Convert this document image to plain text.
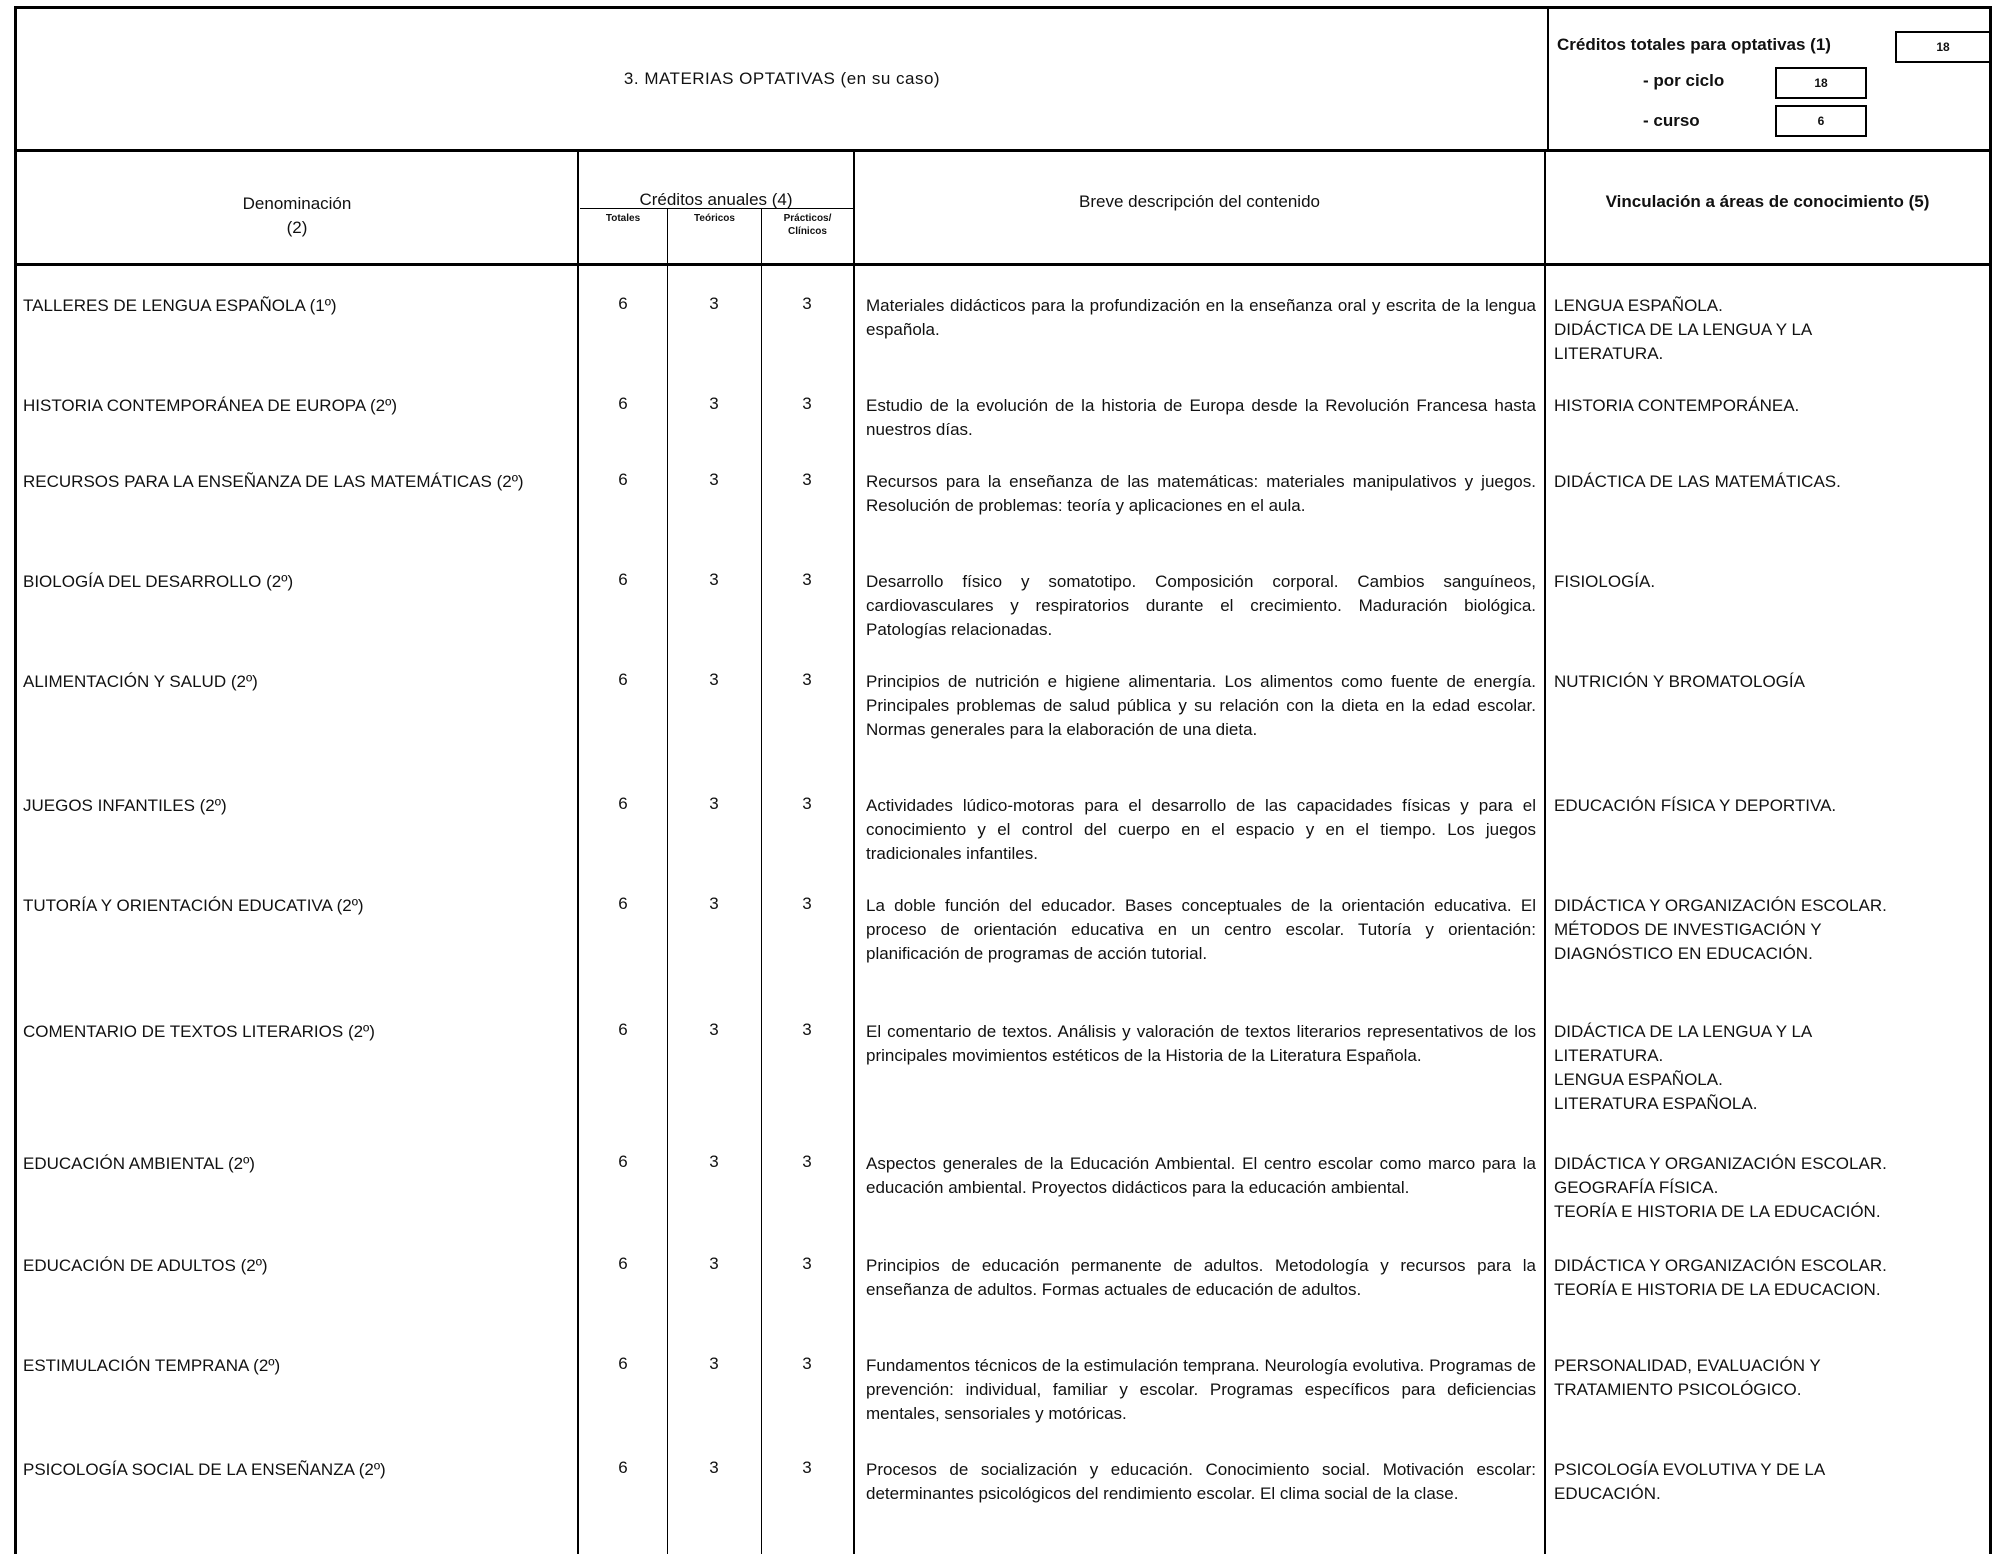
3. MATERIAS OPTATIVAS (en su caso)
Créditos totales para optativas (1)	18
- por ciclo	18
- curso	6
Denominación
(2)
Créditos anuales (4)
Totales	Teóricos	Prácticos/
Clínicos
Breve descripción del contenido	Vinculación a áreas de conocimiento (5)
TALLERES DE LENGUA ESPAÑOLA (1º)	6	3	3	Materiales didácticos para la profundización en la enseñanza oral y escrita de la lengua española.
LENGUA ESPAÑOLA.
DIDÁCTICA DE LA LENGUA Y LA
LITERATURA.
HISTORIA CONTEMPORÁNEA DE EUROPA (2º)	6	3	3	Estudio de la evolución de la historia de Europa desde la Revolución Francesa hasta nuestros días.
HISTORIA CONTEMPORÁNEA.
RECURSOS PARA LA ENSEÑANZA DE LAS MATEMÁTICAS (2º)	6	3	3	Recursos para la enseñanza de las matemáticas: materiales manipulativos y juegos. Resolución de problemas: teoría y aplicaciones en el aula.
DIDÁCTICA DE LAS MATEMÁTICAS.
BIOLOGÍA DEL DESARROLLO (2º)	6	3	3	Desarrollo físico y somatotipo. Composición corporal. Cambios sanguíneos, cardiovasculares y respiratorios durante el crecimiento. Maduración biológica. Patologías relacionadas.
FISIOLOGÍA.
ALIMENTACIÓN Y SALUD (2º)	6	3	3	Principios de nutrición e higiene alimentaria. Los alimentos como fuente de energía. Principales problemas de salud pública y su relación con la dieta en la edad escolar. Normas generales para la elaboración de una dieta.
NUTRICIÓN Y BROMATOLOGÍA
JUEGOS INFANTILES (2º)	6	3	3	Actividades lúdico-motoras para el desarrollo de las capacidades físicas y para el conocimiento y el control del cuerpo en el espacio y en el tiempo. Los juegos tradicionales infantiles.
EDUCACIÓN FÍSICA Y DEPORTIVA.
TUTORÍA Y ORIENTACIÓN EDUCATIVA (2º)	6	3	3	La doble función del educador. Bases conceptuales de la orientación educativa. El proceso de orientación educativa en un centro escolar. Tutoría y orientación: planificación de programas de acción tutorial.
DIDÁCTICA Y ORGANIZACIÓN ESCOLAR.
MÉTODOS DE INVESTIGACIÓN Y
DIAGNÓSTICO EN EDUCACIÓN.
COMENTARIO DE TEXTOS LITERARIOS (2º)	6	3	3	El comentario de textos. Análisis y valoración de textos literarios representativos de los principales movimientos estéticos de la Historia de la Literatura Española.
DIDÁCTICA DE LA LENGUA Y LA
LITERATURA.
LENGUA ESPAÑOLA.
LITERATURA ESPAÑOLA.
EDUCACIÓN AMBIENTAL (2º)	6	3	3	Aspectos generales de la Educación Ambiental. El centro escolar como marco para la educación ambiental. Proyectos didácticos para la educación ambiental.
DIDÁCTICA Y ORGANIZACIÓN ESCOLAR.
GEOGRAFÍA FÍSICA.
TEORÍA E HISTORIA DE LA EDUCACIÓN.
EDUCACIÓN DE ADULTOS (2º)	6	3	3	Principios de educación permanente de adultos. Metodología y recursos para la enseñanza de adultos. Formas actuales de educación de adultos.
DIDÁCTICA Y ORGANIZACIÓN ESCOLAR.
TEORÍA E HISTORIA DE LA EDUCACION.
ESTIMULACIÓN TEMPRANA (2º)	6	3	3	Fundamentos técnicos de la estimulación temprana. Neurología evolutiva. Programas de prevención: individual, familiar y escolar. Programas específicos para deficiencias mentales, sensoriales y motóricas.
PERSONALIDAD, EVALUACIÓN Y
TRATAMIENTO PSICOLÓGICO.
PSICOLOGÍA SOCIAL DE LA ENSEÑANZA (2º)	6	3	3	Procesos de socialización y educación. Conocimiento social. Motivación escolar: determinantes psicológicos del rendimiento escolar. El clima social de la clase.
PSICOLOGÍA EVOLUTIVA Y DE LA
EDUCACIÓN.
